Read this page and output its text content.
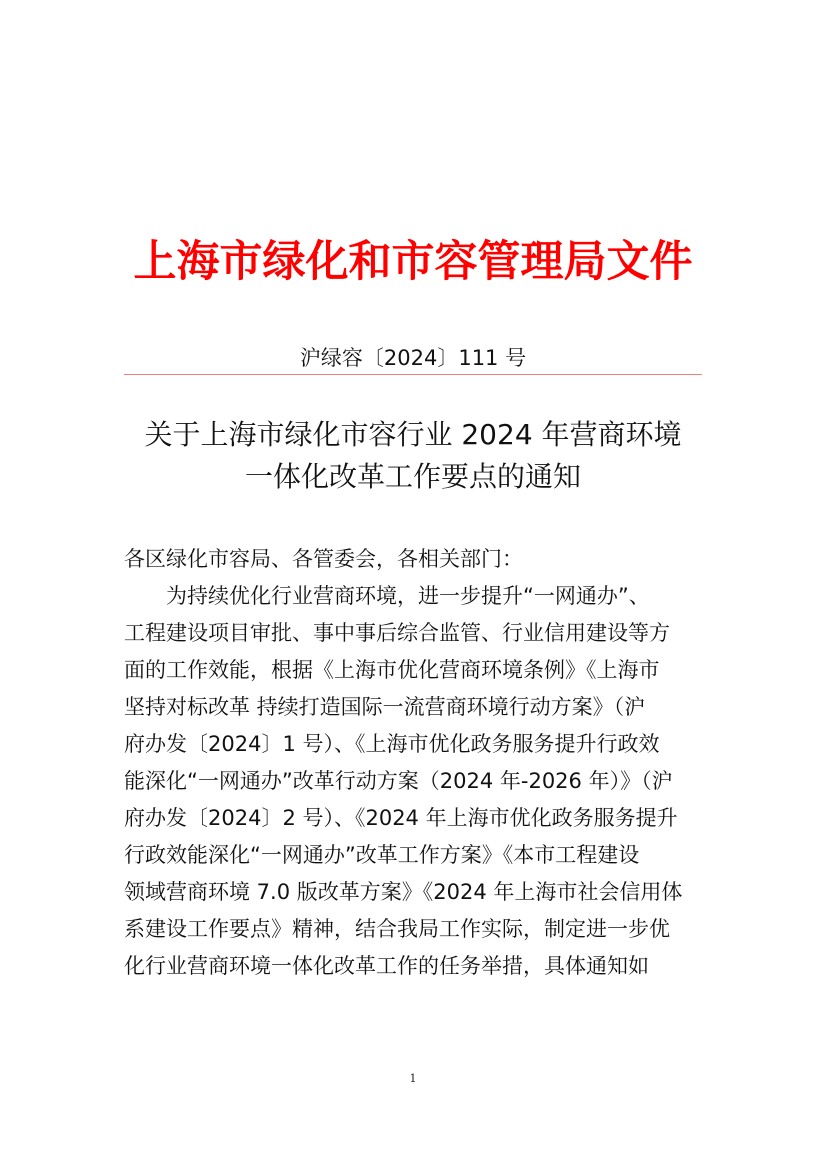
上海市绿化和市容管理局文件
沪绿容〔2024〕111 号
关于上海市绿化市容行业 2024 年营商环境
一体化改革工作要点的通知
各区绿化市容局、各管委会，各相关部门：
为持续优化行业营商环境，进一步提升“一网通办”、
工程建设项目审批、事中事后综合监管、行业信用建设等方
面的工作效能，根据《上海市优化营商环境条例》《上海市
坚持对标改革 持续打造国际一流营商环境行动方案》（沪
府办发〔2024〕1 号）、《上海市优化政务服务提升行政效
能深化“一网通办”改革行动方案（2024 年-2026 年）》（沪
府办发〔2024〕2 号）、《2024 年上海市优化政务服务提升
行政效能深化“一网通办”改革工作方案》《本市工程建设
领域营商环境 7.0 版改革方案》《2024 年上海市社会信用体
系建设工作要点》精神，结合我局工作实际，制定进一步优
化行业营商环境一体化改革工作的任务举措，具体通知如
1
